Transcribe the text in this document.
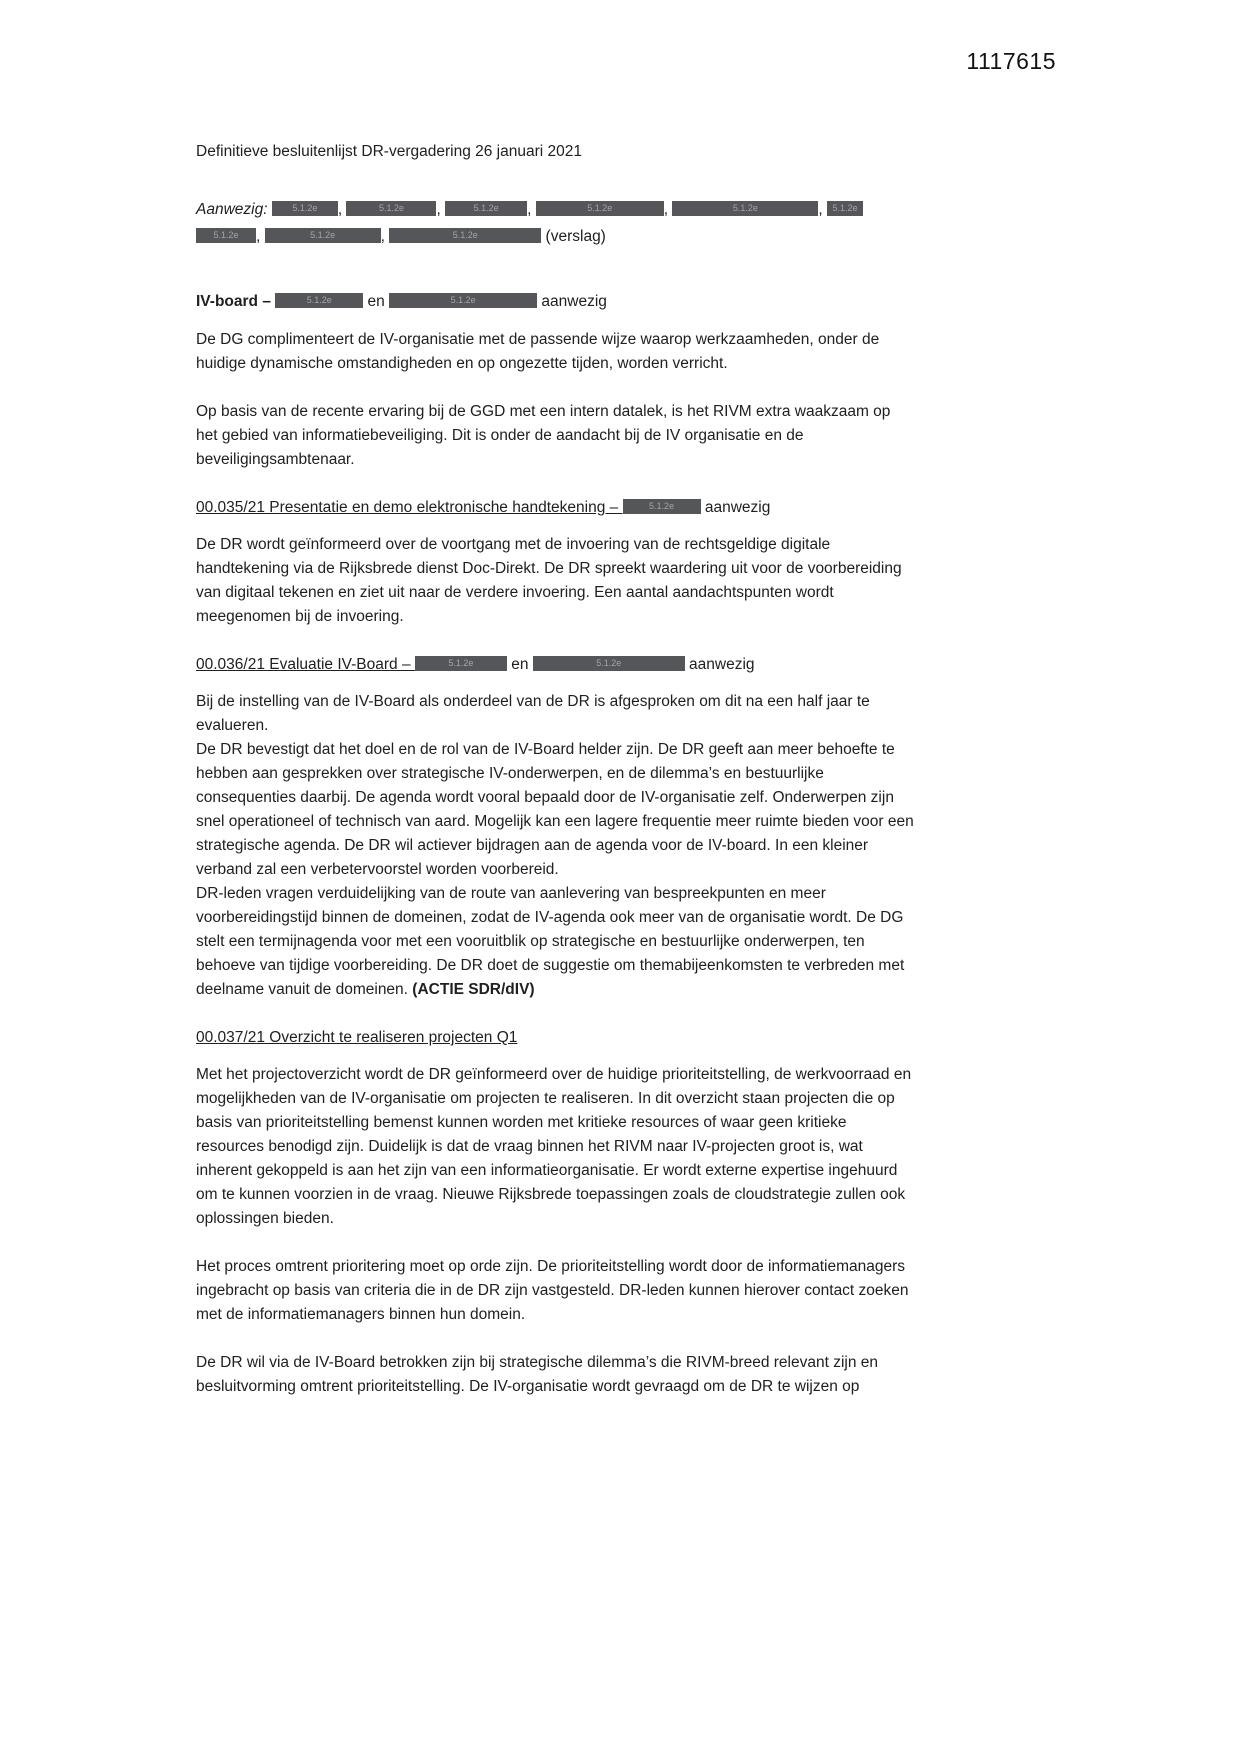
1117615

Definitieve besluitenlijst DR-vergadering 26 januari 2021

Aanwezig: 5.1.2e ,	5.1.2e ,	5.1.2e ,	5.1.2e	,	5.1.2e	, 5.1.2e
5.1.2e ,	5.1.2e	,	5.1.2e	(verslag)

IV-board –	5.1.2e en	5.1.2e	aanwezig

De DG complimenteert de IV-organisatie met de passende wijze waarop werkzaamheden, onder de huidige dynamische omstandigheden en op ongezette tijden, worden verricht.

Op basis van de recente ervaring bij de GGD met een intern datalek, is het RIVM extra waakzaam op het gebied van informatiebeveiliging. Dit is onder de aandacht bij de IV organisatie en de beveiligingsambtenaar.

00.035/21 Presentatie en demo elektronische handtekening –	5.1.2e aanwezig

De DR wordt geïnformeerd over de voortgang met de invoering van de rechtsgeldige digitale handtekening via de Rijksbrede dienst Doc-Direkt. De DR spreekt waardering uit voor de voorbereiding van digitaal tekenen en ziet uit naar de verdere invoering. Een aantal aandachtspunten wordt meegenomen bij de invoering.

00.036/21 Evaluatie IV-Board –	5.1.2e en	5.1.2e	aanwezig

Bij de instelling van de IV-Board als onderdeel van de DR is afgesproken om dit na een half jaar te evalueren.

De DR bevestigt dat het doel en de rol van de IV-Board helder zijn. De DR geeft aan meer behoefte te hebben aan gesprekken over strategische IV-onderwerpen, en de dilemma’s en bestuurlijke consequenties daarbij. De agenda wordt vooral bepaald door de IV-organisatie zelf. Onderwerpen zijn snel operationeel of technisch van aard. Mogelijk kan een lagere frequentie meer ruimte bieden voor een strategische agenda. De DR wil actiever bijdragen aan de agenda voor de IV-board. In een kleiner verband zal een verbetervoorstel worden voorbereid.

DR-leden vragen verduidelijking van de route van aanlevering van bespreekpunten en meer voorbereidingstijd binnen de domeinen, zodat de IV-agenda ook meer van de organisatie wordt. De DG stelt een termijnagenda voor met een vooruitblik op strategische en bestuurlijke onderwerpen, ten behoeve van tijdige voorbereiding. De DR doet de suggestie om themabijeenkomsten te verbreden met deelname vanuit de domeinen. (ACTIE SDR/dIV)

00.037/21 Overzicht te realiseren projecten Q1

Met het projectoverzicht wordt de DR geïnformeerd over de huidige prioriteitstelling, de werkvoorraad en mogelijkheden van de IV-organisatie om projecten te realiseren. In dit overzicht staan projecten die op basis van prioriteitstelling bemenst kunnen worden met kritieke resources of waar geen kritieke resources benodigd zijn. Duidelijk is dat de vraag binnen het RIVM naar IV-projecten groot is, wat inherent gekoppeld is aan het zijn van een informatieorganisatie. Er wordt externe expertise ingehuurd om te kunnen voorzien in de vraag. Nieuwe Rijksbrede toepassingen zoals de cloudstrategie zullen ook oplossingen bieden.

Het proces omtrent prioritering moet op orde zijn. De prioriteitstelling wordt door de informatiemanagers ingebracht op basis van criteria die in de DR zijn vastgesteld. DR-leden kunnen hierover contact zoeken met de informatiemanagers binnen hun domein.

De DR wil via de IV-Board betrokken zijn bij strategische dilemma’s die RIVM-breed relevant zijn en besluitvorming omtrent prioriteitstelling. De IV-organisatie wordt gevraagd om de DR te wijzen op
